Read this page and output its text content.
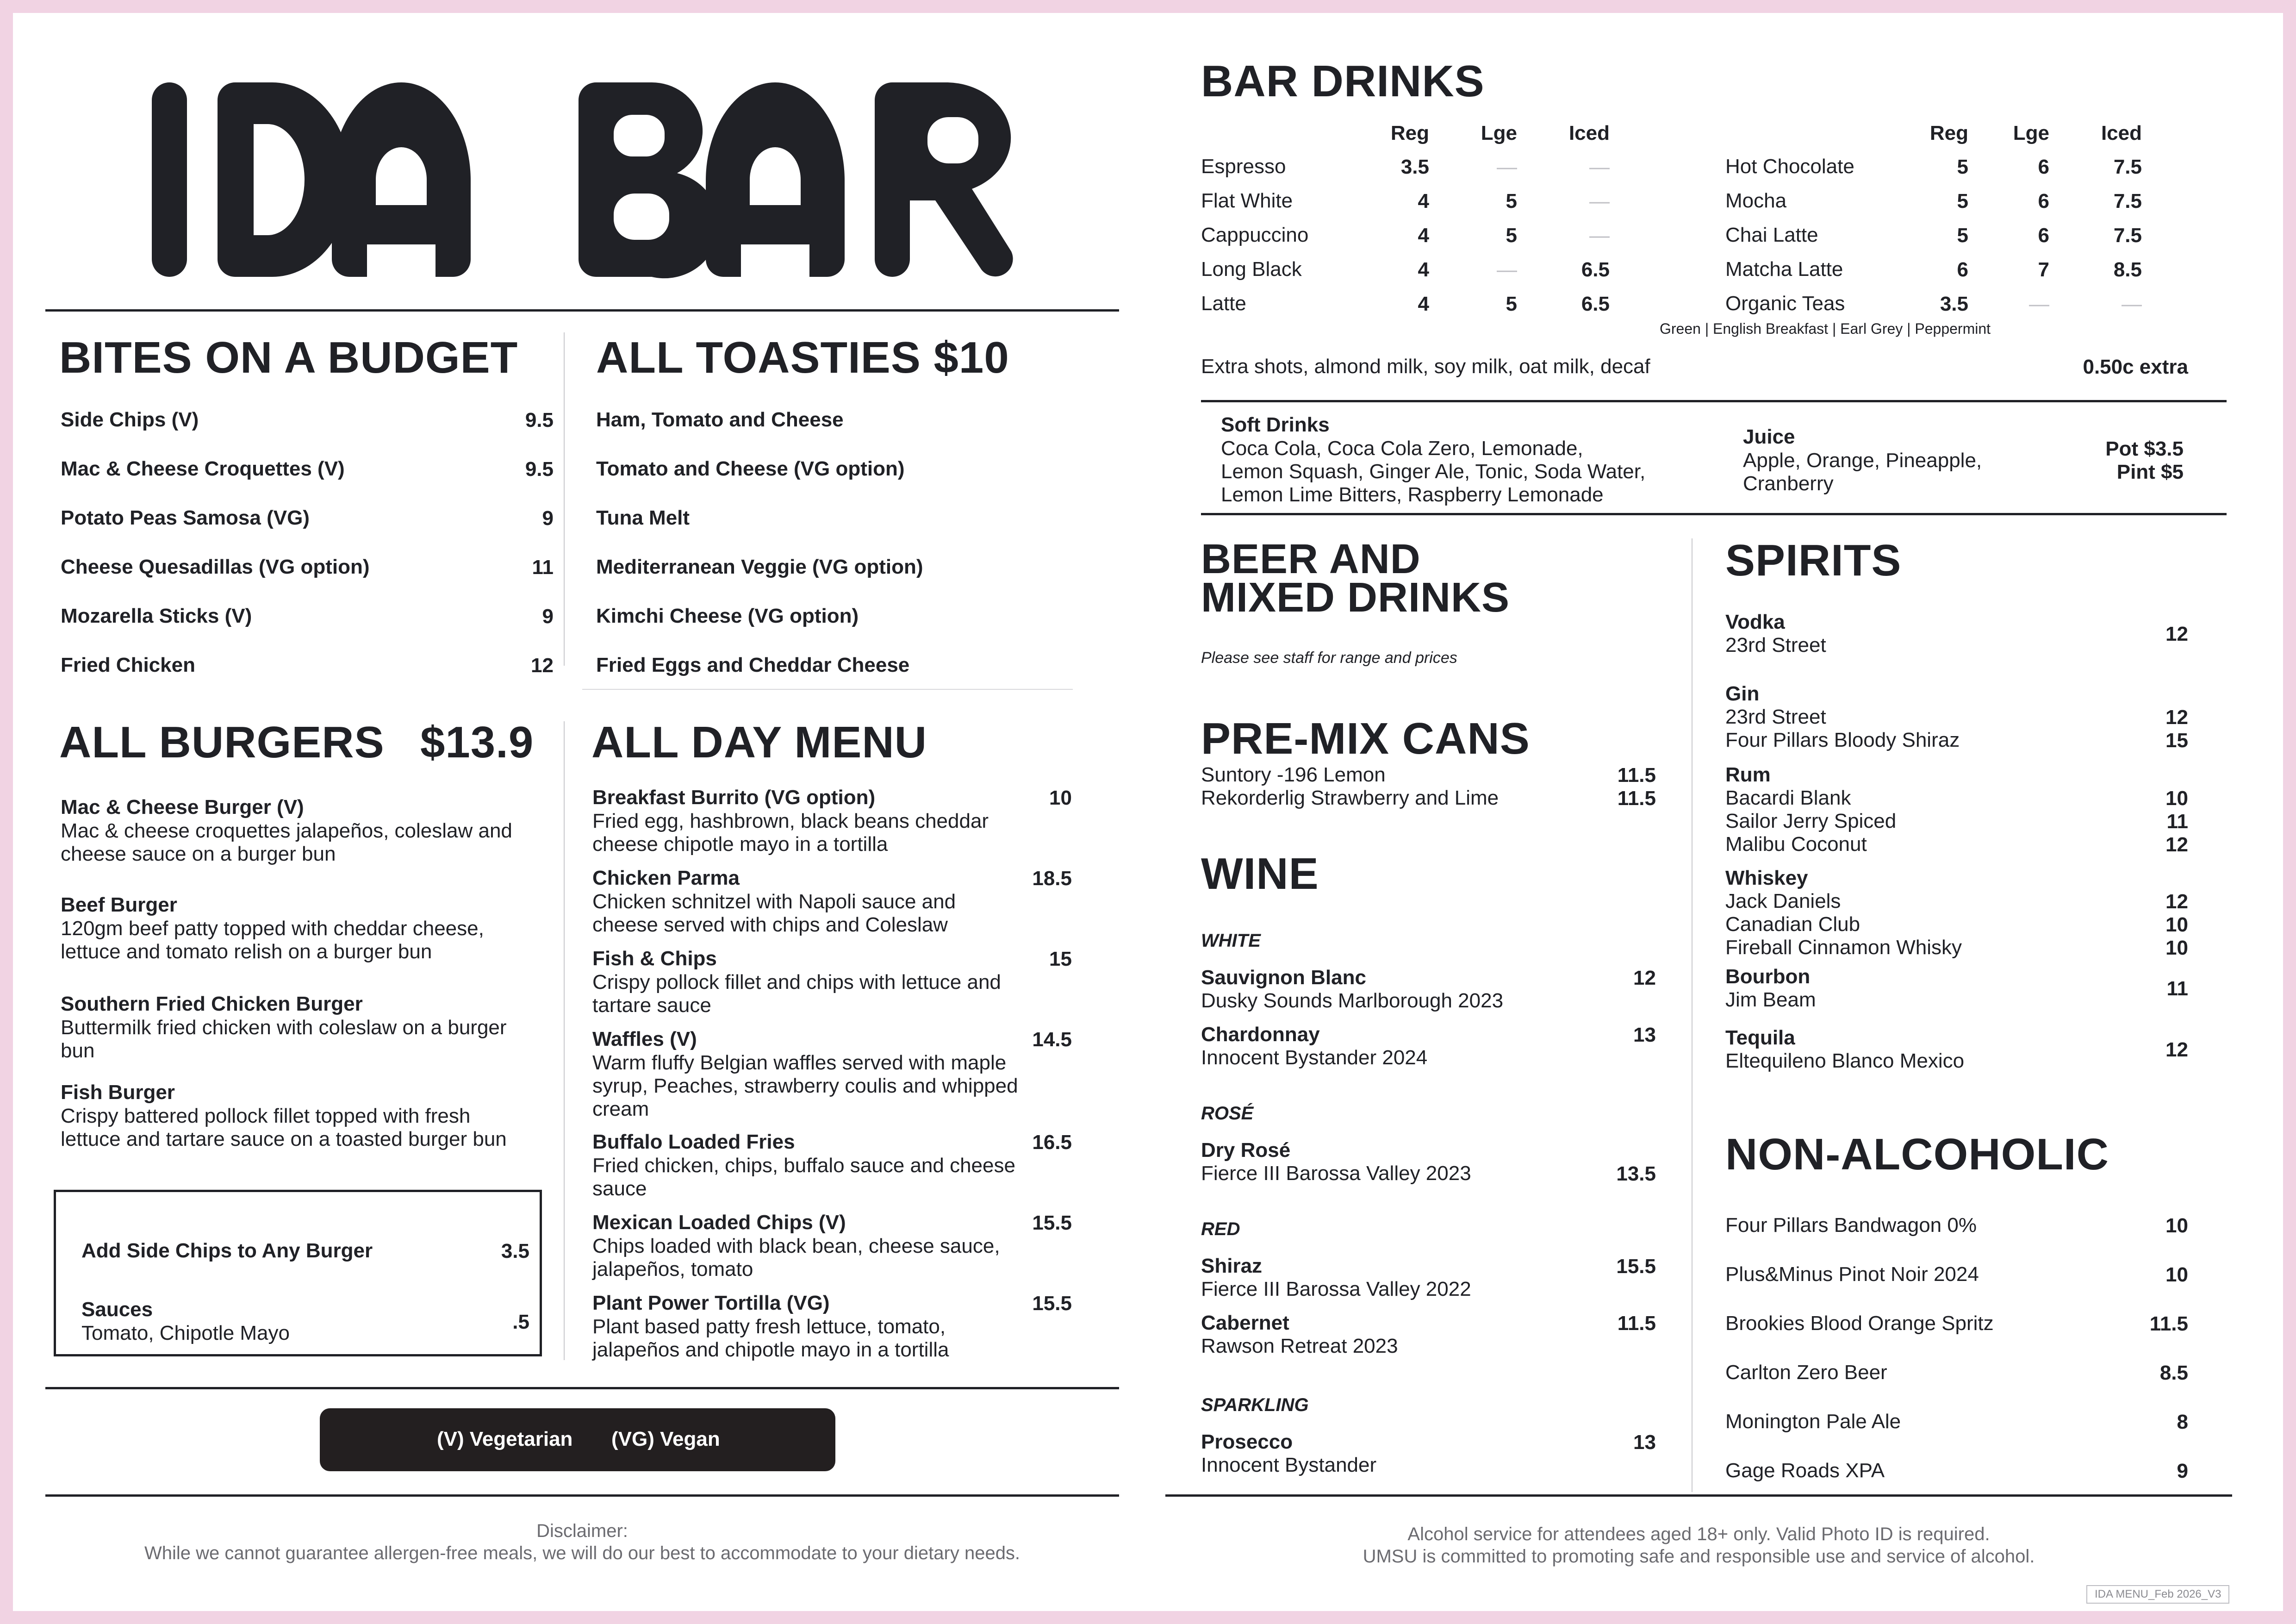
BITES ON A BUDGET
Side Chips (V)	9.5
Mac & Cheese Croquettes (V)	9.5
Potato Peas Samosa (VG)	9
Cheese Quesadillas (VG option)	11
Mozarella Sticks (V)	9
Fried Chicken	12
ALL TOASTIES $10
Ham, Tomato and Cheese
Tomato and Cheese (VG option)
Tuna Melt
Mediterranean Veggie (VG option)
Kimchi Cheese (VG option)
Fried Eggs and Cheddar Cheese
ALL BURGERS $13.9
Mac & Cheese Burger (V)
Mac & cheese croquettes jalapeños, coleslaw and cheese sauce on a burger bun
Beef Burger
120gm beef patty topped with cheddar cheese, lettuce and tomato relish on a burger bun
Southern Fried Chicken Burger
Buttermilk fried chicken with coleslaw on a burger bun
Fish Burger
Crispy battered pollock fillet topped with fresh lettuce and tartare sauce on a toasted burger bun
Add Side Chips to Any Burger	3.5
Sauces
Tomato, Chipotle Mayo	.5
ALL DAY MENU
Breakfast Burrito (VG option)	10
Fried egg, hashbrown, black beans cheddar cheese chipotle mayo in a tortilla
Chicken Parma	18.5
Chicken schnitzel with Napoli sauce and cheese served with chips and Coleslaw
Fish & Chips	15
Crispy pollock fillet and chips with lettuce and tartare sauce
Waffles (V)	14.5
Warm fluffy Belgian waffles served with maple syrup, Peaches, strawberry coulis and whipped cream
Buffalo Loaded Fries	16.5
Fried chicken, chips, buffalo sauce and cheese sauce
Mexican Loaded Chips (V)	15.5
Chips loaded with black bean, cheese sauce, jalapeños, tomato
Plant Power Tortilla (VG)	15.5
Plant based patty fresh lettuce, tomato, jalapeños and chipotle mayo in a tortilla
(V) Vegetarian (VG) Vegan
Disclaimer:
While we cannot guarantee allergen-free meals, we will do our best to accommodate to your dietary needs.
BAR DRINKS
Reg	Lge	Iced
Espresso	3.5	—	—
Flat White	4	5	—
Cappuccino	4	5	—
Long Black	4	—	6.5
Latte	4	5	6.5
Reg	Lge	Iced
Hot Chocolate	5	6	7.5
Mocha	5	6	7.5
Chai Latte	5	6	7.5
Matcha Latte	6	7	8.5
Organic Teas	3.5	—	—
Green | English Breakfast | Earl Grey | Peppermint
Extra shots, almond milk, soy milk, oat milk, decaf	0.50c extra
Soft Drinks
Coca Cola, Coca Cola Zero, Lemonade,
Lemon Squash, Ginger Ale, Tonic, Soda Water,
Lemon Lime Bitters, Raspberry Lemonade
Juice
Apple, Orange, Pineapple,
Cranberry
Pot $3.5
Pint $5
BEER AND
MIXED DRINKS
Please see staff for range and prices
PRE-MIX CANS
Suntory -196 Lemon	11.5
Rekorderlig Strawberry and Lime	11.5
WINE
WHITE
Sauvignon Blanc
Dusky Sounds Marlborough 2023
12
Chardonnay
Innocent Bystander 2024
13
ROSÉ
Dry Rosé
Fierce III Barossa Valley 2023	13.5
RED
Shiraz
Fierce III Barossa Valley 2022
15.5
Cabernet
Rawson Retreat 2023
11.5
SPARKLING
Prosecco
Innocent Bystander
13
SPIRITS
Vodka
23rd Street	12
Gin
23rd Street	12
Four Pillars Bloody Shiraz	15
Rum
Bacardi Blank	10
Sailor Jerry Spiced	11
Malibu Coconut	12
Whiskey
Jack Daniels	12
Canadian Club	10
Fireball Cinnamon Whisky	10
Bourbon
Jim Beam	11
Tequila
Eltequileno Blanco Mexico	12
NON-ALCOHOLIC
Four Pillars Bandwagon 0%	10
Plus&Minus Pinot Noir 2024	10
Brookies Blood Orange Spritz	11.5
Carlton Zero Beer	8.5
Monington Pale Ale	8
Gage Roads XPA	9
Alcohol service for attendees aged 18+ only. Valid Photo ID is required.
UMSU is committed to promoting safe and responsible use and service of alcohol.
IDA MENU_Feb 2026_V3
